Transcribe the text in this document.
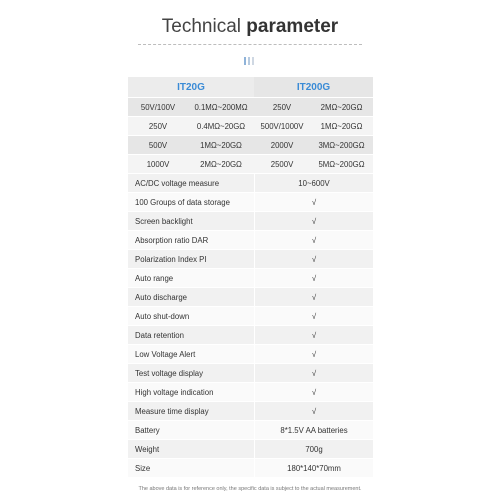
Technical parameter
IT20G		IT200G	
50V/100V	0.1MΩ~200MΩ	250V	2MΩ~20GΩ
250V	0.4MΩ~20GΩ	500V/1000V	1MΩ~20GΩ
500V	1MΩ~20GΩ	2000V	3MΩ~200GΩ
1000V	2MΩ~20GΩ	2500V	5MΩ~200GΩ
AC/DC voltage measure		10~600V	
100 Groups of data storage		√	
Screen backlight		√	
Absorption ratio DAR		√	
Polarization Index PI		√	
Auto range		√	
Auto discharge		√	
Auto shut-down		√	
Data retention		√	
Low Voltage Alert		√	
Test voltage display		√	
High voltage indication		√	
Measure time display		√	
Battery		8*1.5V AA batteries	
Weight		700g	
Size		180*140*70mm	
The above data is for reference only, the specific data is subject to the actual measurement.
